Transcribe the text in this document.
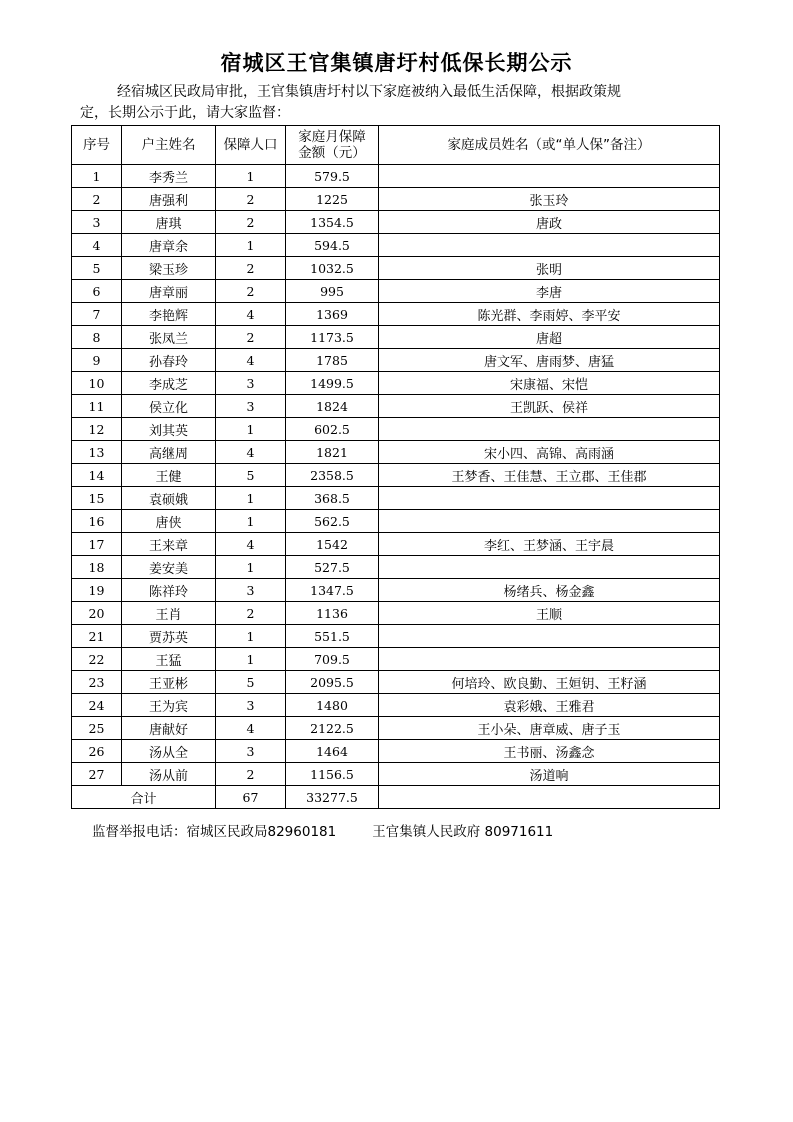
宿城区王官集镇唐圩村低保长期公示
经宿城区民政局审批，王官集镇唐圩村以下家庭被纳入最低生活保障，根据政策规
定，长期公示于此，请大家监督：
序号	户主姓名	保障人口	家庭月保障
金额（元）	家庭成员姓名（或“单人保”备注）
1	李秀兰	1	579.5	
2	唐强利	2	1225	张玉玲
3	唐琪	2	1354.5	唐政
4	唐章余	1	594.5	
5	梁玉珍	2	1032.5	张明
6	唐章丽	2	995	李唐
7	李艳辉	4	1369	陈光群、李雨婷、李平安
8	张凤兰	2	1173.5	唐超
9	孙春玲	4	1785	唐文军、唐雨梦、唐猛
10	李成芝	3	1499.5	宋康福、宋恺
11	侯立化	3	1824	王凯跃、侯祥
12	刘其英	1	602.5	
13	高继周	4	1821	宋小四、高锦、高雨涵
14	王健	5	2358.5	王梦香、王佳慧、王立郡、王佳郡
15	袁硕娥	1	368.5	
16	唐侠	1	562.5	
17	王来章	4	1542	李红、王梦涵、王宇晨
18	姜安美	1	527.5	
19	陈祥玲	3	1347.5	杨绪兵、杨金鑫
20	王肖	2	1136	王顺
21	贾苏英	1	551.5	
22	王猛	1	709.5	
23	王亚彬	5	2095.5	何培玲、欧良勤、王姮钥、王籽涵
24	王为宾	3	1480	袁彩娥、王雅君
25	唐献好	4	2122.5	王小朵、唐章威、唐子玉
26	汤从全	3	1464	王书丽、汤鑫念
27	汤从前	2	1156.5	汤道响
合计		67	33277.5	
监督举报电话：宿城区民政局82960181	王官集镇人民政府 80971611
